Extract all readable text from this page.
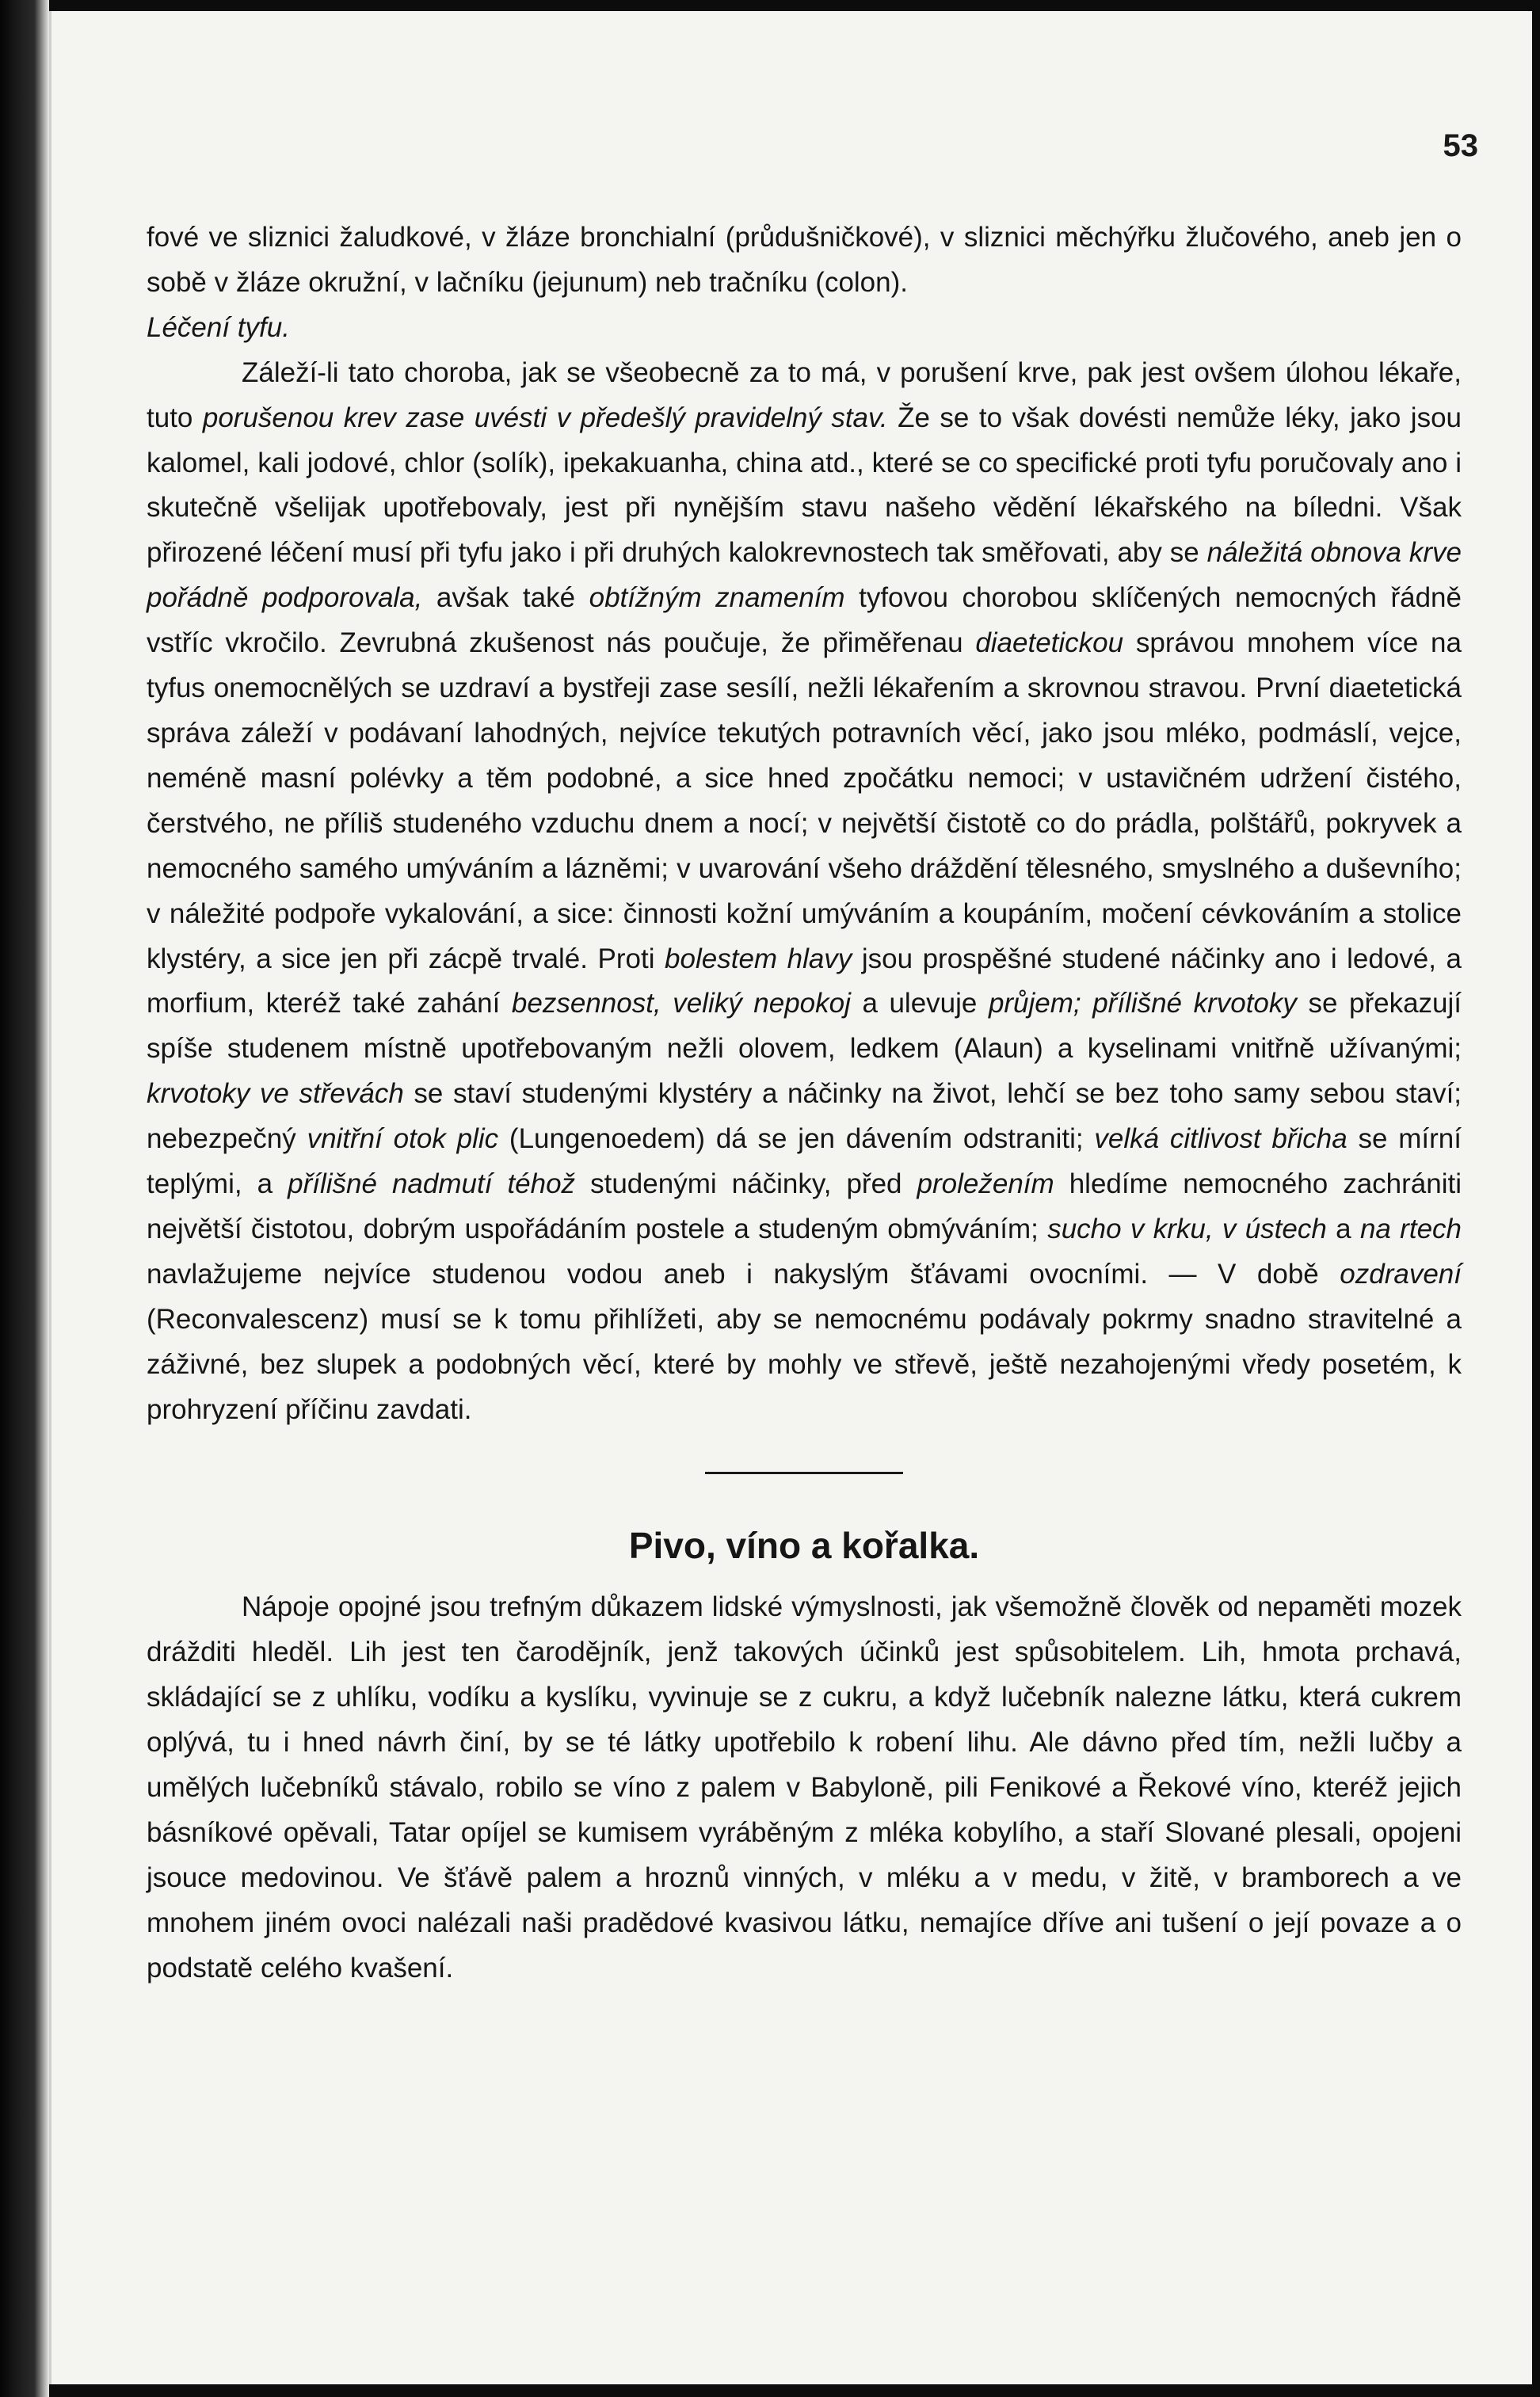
53

fové ve sliznici žaludkové, v žláze bronchialní (průdušničkové), v sliznici měchýřku žlučového, aneb jen o sobě v žláze okružní, v lačníku (jejunum) neb tračníku (colon).

Léčení tyfu.

Záleží-li tato choroba, jak se všeobecně za to má, v porušení krve, pak jest ovšem úlohou lékaře, tuto porušenou krev zase uvésti v předešlý pravidelný stav. Že se to však dovésti nemůže léky, jako jsou kalomel, kali jodové, chlor (solík), ipekakuanha, china atd., které se co specifické proti tyfu poručovaly ano i skutečně všelijak upotřebovaly, jest při nynějším stavu našeho vědění lékařského na bíledni. Však přirozené léčení musí při tyfu jako i při druhých kalokrevnostech tak směřovati, aby se náležitá obnova krve pořádně podporovala, avšak také obtížným znamením tyfovou chorobou sklíčených nemocných řádně vstříc vkročilo. Zevrubná zkušenost nás poučuje, že přiměřenau diaetetickou správou mnohem více na tyfus onemocnělých se uzdraví a bystřeji zase sesílí, nežli lékařením a skrovnou stravou. První diaetetická správa záleží v podávaní lahodných, nejvíce tekutých potravních věcí, jako jsou mléko, podmáslí, vejce, neméně masní polévky a těm podobné, a sice hned zpočátku nemoci; v ustavičném udržení čistého, čerstvého, ne příliš studeného vzduchu dnem a nocí; v největší čistotě co do prádla, polštářů, pokryvek a nemocného samého umýváním a lázněmi; v uvarování všeho dráždění tělesného, smyslného a duševního; v náležité podpoře vykalování, a sice: činnosti kožní umýváním a koupáním, močení cévkováním a stolice klystéry, a sice jen při zácpě trvalé. Proti bolestem hlavy jsou prospěšné studené náčinky ano i ledové, a morfium, kteréž také zahání bezsennost, veliký nepokoj a ulevuje průjem; přílišné krvotoky se překazují spíše studenem místně upotřebovaným nežli olovem, ledkem (Alaun) a kyselinami vnitřně užívanými; krvotoky ve střevách se staví studenými klystéry a náčinky na život, lehčí se bez toho samy sebou staví; nebezpečný vnitřní otok plic (Lungenoedem) dá se jen dávením odstraniti; velká citlivost břicha se mírní teplými, a přílišné nadmutí téhož studenými náčinky, před proležením hledíme nemocného zachrániti největší čistotou, dobrým uspořádáním postele a studeným obmýváním; sucho v krku, v ústech a na rtech navlažujeme nejvíce studenou vodou aneb i nakyslým šťávami ovocními. — V době ozdravení (Reconvalescenz) musí se k tomu přihlížeti, aby se nemocnému podávaly pokrmy snadno stravitelné a záživné, bez slupek a podobných věcí, které by mohly ve střevě, ještě nezahojenými vředy posetém, k prohryzení příčinu zavdati.

Pivo, víno a kořalka.

Nápoje opojné jsou trefným důkazem lidské výmyslnosti, jak všemožně člověk od nepaměti mozek drážditi hleděl. Lih jest ten čarodějník, jenž takových účinků jest spůsobitelem. Lih, hmota prchavá, skládající se z uhlíku, vodíku a kyslíku, vyvinuje se z cukru, a když lučebník nalezne látku, která cukrem oplývá, tu i hned návrh činí, by se té látky upotřebilo k robení lihu. Ale dávno před tím, nežli lučby a umělých lučebníků stávalo, robilo se víno z palem v Babyloně, pili Fenikové a Řekové víno, kteréž jejich básníkové opěvali, Tatar opíjel se kumisem vyráběným z mléka kobylího, a staří Slované plesali, opojeni jsouce medovinou. Ve šťávě palem a hroznů vinných, v mléku a v medu, v žitě, v bramborech a ve mnohem jiném ovoci nalézali naši pradědové kvasivou látku, nemajíce dříve ani tušení o její povaze a o podstatě celého kvašení.
